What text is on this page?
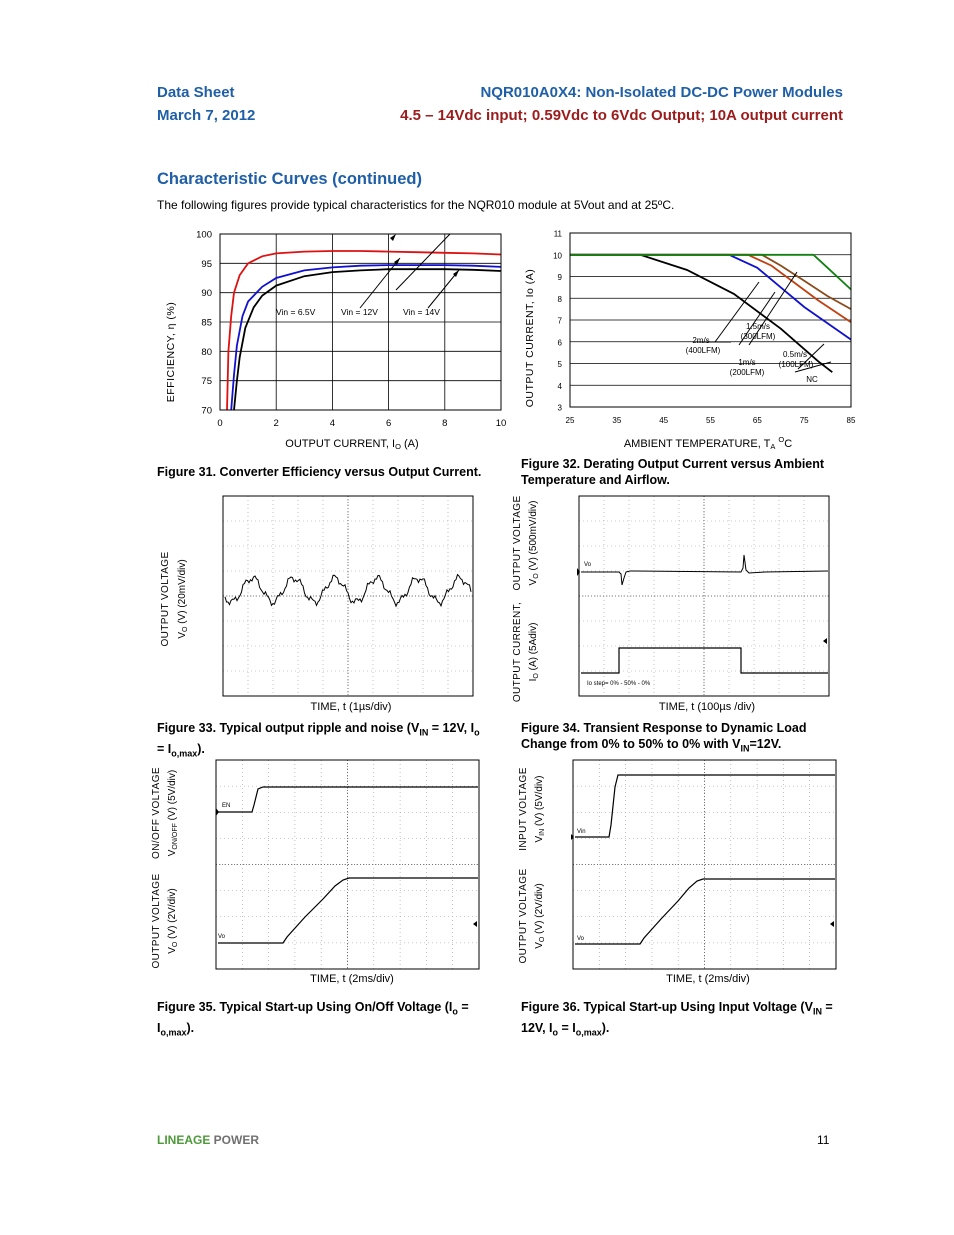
Data Sheet
March 7, 2012
NQR010A0X4: Non-Isolated DC-DC Power Modules
4.5 – 14Vdc input; 0.59Vdc to 6Vdc Output; 10A output current
Characteristic Curves (continued)
The following figures provide typical characteristics for the NQR010 module at 5Vout and at 25ºC.
70
75
80
85
90
95
100
0	2	4	6	8	10
Vin = 6.5V	Vin = 12V	Vin = 14V
EFFICIENCY, η (%)
OUTPUT CURRENT, IO (A)
Figure 31. Converter Efficiency versus Output Current.
3
4
5
6
7
8
9
10
11
25	35	45	55	65	75	85
2m/s
(400LFM)
1.5m/s
(300LFM)
1m/s
(200LFM)
0.5m/s
(100LFM)
NC
OUTPUT CURRENT, Io (A)
AMBIENT TEMPERATURE, $TA^OC$
Figure 32. Derating Output Current versus Ambient
Temperature and Airflow.
OUTPUT VOLTAGE $V_O$ (V) (20mV/div)
TIME, t (1µs/div)
Figure 33. Typical output ripple and noise ($V_{IN} = 12V$, $I_o$
= $I_{o,max}$).
Vo
Io step= 0% - 50% - 0%
OUTPUT VOLTAGE $V_O$ (V) (500mV/div)
OUTPUT CURRENT, $I_O$ (A) (5Adiv)
TIME, t (100µs /div)
Figure 34. Transient Response to Dynamic Load
Change from 0% to 50% to 0% with $V_{IN}=12V$.
EN
Vo
ON/OFF VOLTAGE $V_{ON/OFF}$ (V) (5V/div)
OUTPUT VOLTAGE $V_O$ (V) (2V/div)
TIME, t (2ms/div)
Figure 35. Typical Start-up Using On/Off Voltage ($I_o$ =
$I_{o,max}$).
Vin
Vo
INPUT VOLTAGE $V_{IN}$ (V) (5V/div)
OUTPUT VOLTAGE $V_O$ (V) (2V/div)
TIME, t (2ms/div)
Figure 36. Typical Start-up Using Input Voltage ($V_{IN}$ =
12V, $I_o = I_{o,max}$).
LINEAGE POWER	11
